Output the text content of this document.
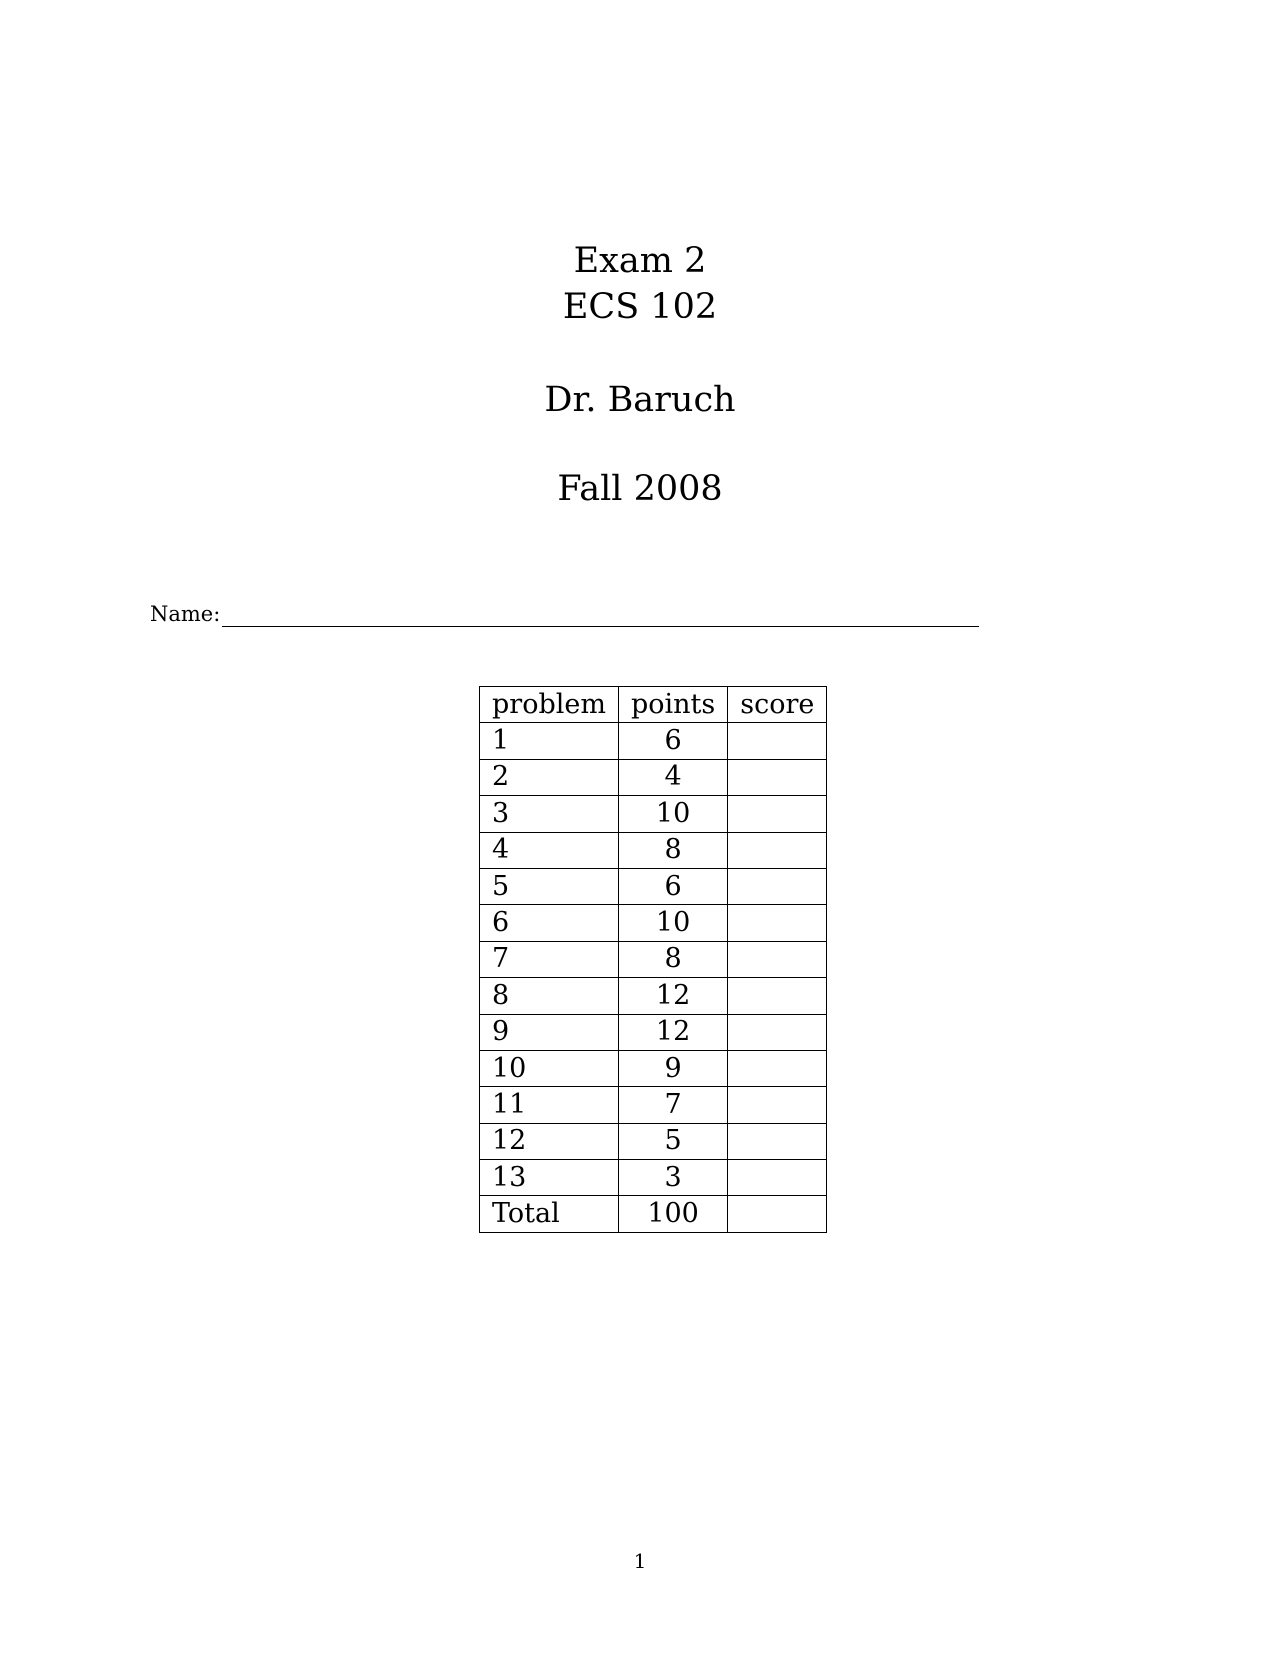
Exam 2
ECS 102
Dr. Baruch
Fall 2008
Name:
problem	points	score
1	6	
2	4	
3	10	
4	8	
5	6	
6	10	
7	8	
8	12	
9	12	
10	9	
11	7	
12	5	
13	3	
Total	100	
1
